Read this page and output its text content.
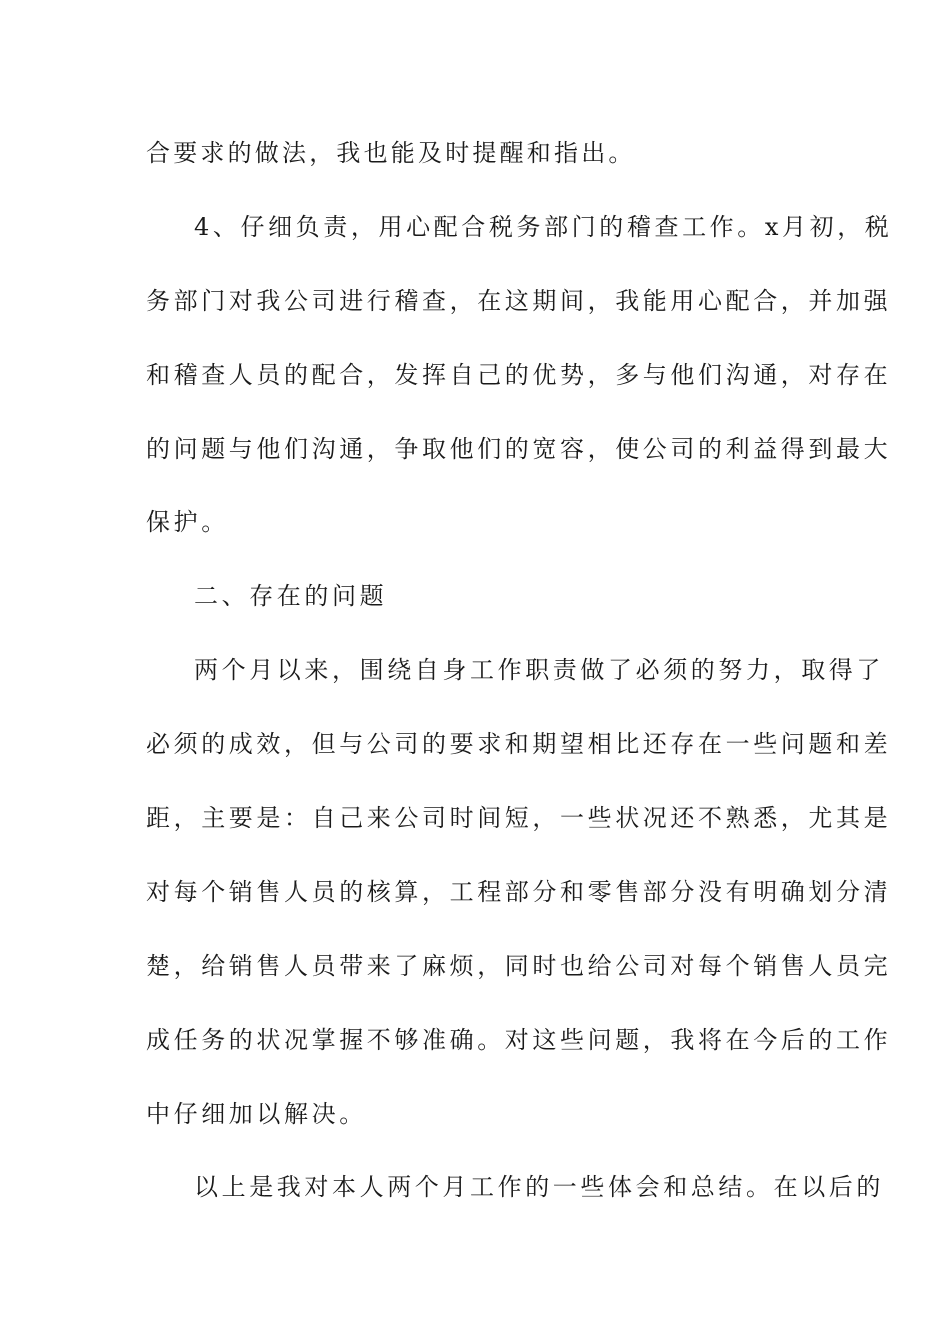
合要求的做法，我也能及时提醒和指出。
4、仔细负责，用心配合税务部门的稽查工作。x月初，税
务部门对我公司进行稽查，在这期间，我能用心配合，并加强
和稽查人员的配合，发挥自己的优势，多与他们沟通，对存在
的问题与他们沟通，争取他们的宽容，使公司的利益得到最大
保护。
二、存在的问题
两个月以来，围绕自身工作职责做了必须的努力，取得了
必须的成效，但与公司的要求和期望相比还存在一些问题和差
距，主要是：自己来公司时间短，一些状况还不熟悉，尤其是
对每个销售人员的核算，工程部分和零售部分没有明确划分清
楚，给销售人员带来了麻烦，同时也给公司对每个销售人员完
成任务的状况掌握不够准确。对这些问题，我将在今后的工作
中仔细加以解决。
以上是我对本人两个月工作的一些体会和总结。在以后的
